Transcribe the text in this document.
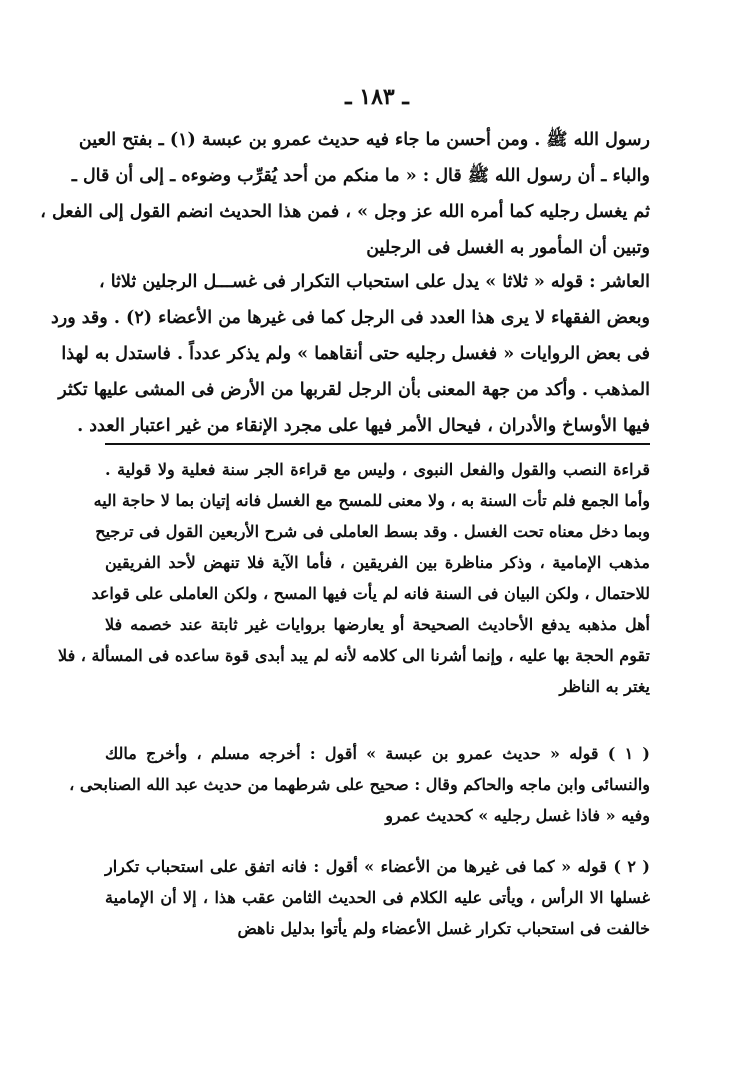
ـ ١٨٣ ـ
رسول الله ﷺ . ومن أحسن ما جاء فيه حديث عمرو بن عبسة (١) ـ بفتح العين
والباء ـ أن رسول الله ﷺ قال : « ما منكم من أحد يُقرِّب وضوءه ـ إلى أن قال ـ
ثم يغسل رجليه كما أمره الله عز وجل » ، فمن هذا الحديث انضم القول إلى الفعل ،
وتبين أن المأمور به الغسل فى الرجلين
العاشر : قوله « ثلاثا » يدل على استحباب التكرار فى غســـل الرجلين ثلاثا ،
وبعض الفقهاء لا يرى هذا العدد فى الرجل كما فى غيرها من الأعضاء (٢) . وقد ورد
فى بعض الروايات « فغسل رجليه حتى أنقاهما » ولم يذكر عدداً . فاستدل به لهذا
المذهب . وأكد من جهة المعنى بأن الرجل لقربها من الأرض فى المشى عليها تكثر
فيها الأوساخ والأدران ، فيحال الأمر فيها على مجرد الإنقاء من غير اعتبار العدد .
قراءة النصب والقول والفعل النبوى ، وليس مع قراءة الجر سنة فعلية ولا قولية .
وأما الجمع فلم تأت السنة به ، ولا معنى للمسح مع الغسل فانه إتيان بما لا حاجة اليه
وبما دخل معناه تحت الغسل . وقد بسط العاملى فى شرح الأربعين القول فى ترجيح
مذهب الإمامية ، وذكر مناظرة بين الفريقين ، فأما الآية فلا تنهض لأحد الفريقين
للاحتمال ، ولكن البيان فى السنة فانه لم يأت فيها المسح ، ولكن العاملى على قواعد
أهل مذهبه يدفع الأحاديث الصحيحة أو يعارضها بروايات غير ثابتة عند خصمه فلا
تقوم الحجة بها عليه ، وإنما أشرنا الى كلامه لأنه لم يبد أبدى قوة ساعده فى المسألة ، فلا
يغتر به الناظر
( ١ ) قوله « حديث عمرو بن عبسة » أقول : أخرجه مسلم ، وأخرج مالك
والنسائى وابن ماجه والحاكم وقال : صحيح على شرطهما من حديث عبد الله الصنابحى ،
وفيه « فاذا غسل رجليه » كحديث عمرو
( ٢ ) قوله « كما فى غيرها من الأعضاء » أقول : فانه اتفق على استحباب تكرار
غسلها الا الرأس ، ويأتى عليه الكلام فى الحديث الثامن عقب هذا ، إلا أن الإمامية
خالفت فى استحباب تكرار غسل الأعضاء ولم يأتوا بدليل ناهض
